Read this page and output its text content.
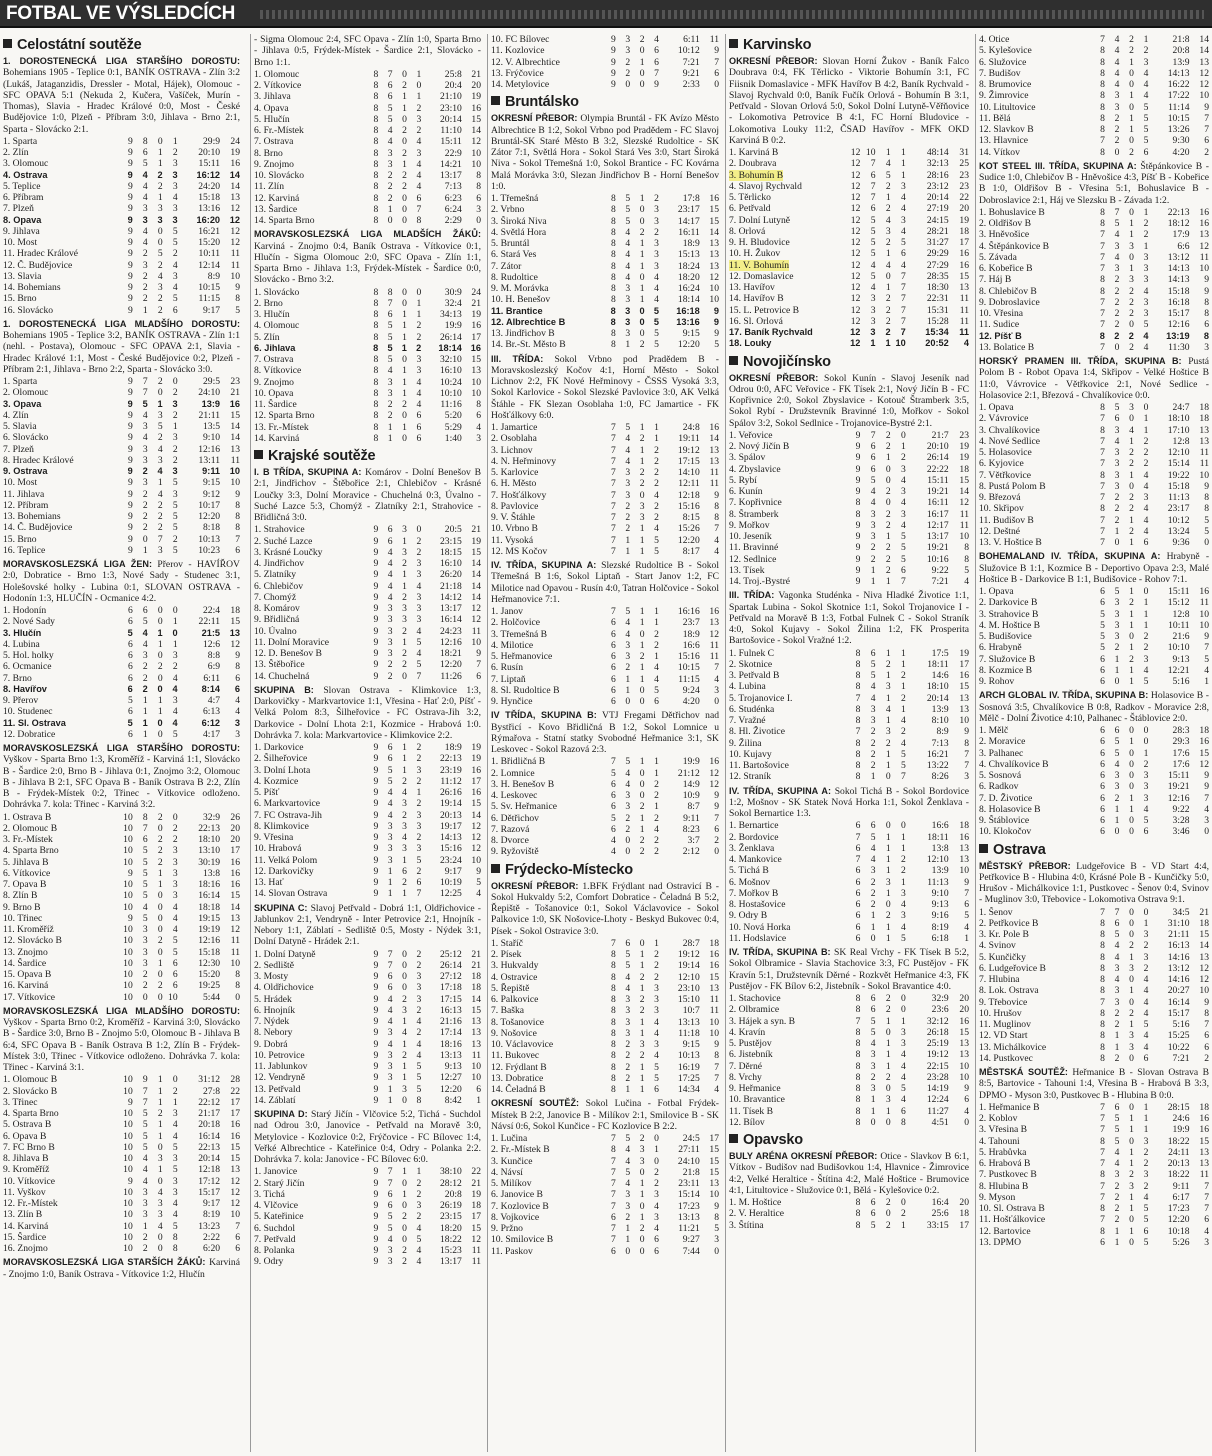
FOTBAL VE VÝSLEDCÍCH
Celostátní soutěže
1. DOROSTENECKÁ LIGA STARŠÍHO DOROSTU: Bohemians 1905 - Teplice 0:1, BANÍK OSTRAVA - Zlín 3:2 (Lukáš, Jataganzidis, Dressler - Motal, Hájek), Olomouc - SFC OPAVA 5:1 (Nekuda 2, Kučera, Vašíček, Murín - Thomas), Slavia - Hradec Králové 0:0, Most - České Budějovice 1:0, Plzeň - Příbram 3:0, Jihlava - Brno 2:1, Sparta - Slovácko 2:1.
1. Sparta	9	8	0	1	29:9	24
2. Zlín	9	6	1	2	20:10	19
3. Olomouc	9	5	1	3	15:11	16
4. Ostrava	9	4	2	3	16:12	14
5. Teplice	9	4	2	3	24:20	14
6. Příbram	9	4	1	4	15:18	13
7. Plzeň	9	3	3	3	13:16	12
8. Opava	9	3	3	3	16:20	12
9. Jihlava	9	4	0	5	16:21	12
10. Most	9	4	0	5	15:20	12
11. Hradec Králové	9	2	5	2	10:11	11
12. Č. Budějovice	9	3	2	4	12:14	11
13. Slavia	9	2	4	3	8:9	10
14. Bohemians	9	2	3	4	10:15	9
15. Brno	9	2	2	5	11:15	8
16. Slovácko	9	1	2	6	9:17	5
1. DOROSTENECKÁ LIGA MLADŠÍHO DOROSTU: Bohemians 1905 - Teplice 3:2, BANÍK OSTRAVA - Zlín 1:1 (nehl. - Postava), Olomouc - SFC OPAVA 2:1, Slavia - Hradec Králové 1:1, Most - České Budějovice 0:2, Plzeň - Příbram 2:1, Jihlava - Brno 2:2, Sparta - Slovácko 3:0.
1. Sparta	9	7	2	0	29:5	23
2. Olomouc	9	7	0	2	24:10	21
3. Opava	9	5	1	3	13:9	16
4. Zlín	9	4	3	2	21:11	15
5. Slavia	9	3	5	1	13:5	14
6. Slovácko	9	4	2	3	9:10	14
7. Plzeň	9	3	4	2	12:16	13
8. Hradec Králové	9	3	3	2	13:11	11
9. Ostrava	9	2	4	3	9:11	10
10. Most	9	3	1	5	9:15	10
11. Jihlava	9	2	4	3	9:12	9
12. Příbram	9	2	2	5	10:17	8
13. Bohemians	9	2	2	5	12:20	8
14. Č. Budějovice	9	2	2	5	8:18	8
15. Brno	9	0	7	2	10:13	7
16. Teplice	9	1	3	5	10:23	6
MORAVSKOSLEZSKÁ LIGA ŽEN: Přerov - HAVÍŘOV 2:0, Dobratice - Brno 1:3, Nové Sady - Studenec 3:1, Holešovské holky - Lubina 0:1, SLOVAN OSTRAVA - Hodonín 1:3, HLUČÍN - Ocmanice 4:2.
1. Hodonín	6	6	0	0	22:4	18
2. Nové Sady	6	5	0	1	22:11	15
3. Hlučín	5	4	1	0	21:5	13
4. Lubina	6	4	1	1	12:6	12
5. Hol. holky	6	3	0	3	8:8	9
6. Ocmanice	6	2	2	2	6:9	8
7. Brno	6	2	0	4	6:11	6
8. Havířov	6	2	0	4	8:14	6
9. Přerov	5	1	1	3	4:7	4
10. Studenec	6	1	1	4	6:13	4
11. Sl. Ostrava	5	1	0	4	6:12	3
12. Dobratice	6	1	0	5	4:17	3
MORAVSKOSLEZSKÁ LIGA STARŠÍHO DOROSTU: Vyškov - Sparta Brno 1:3, Kroměříž - Karviná 1:1, Slovácko B - Šardice 2:0, Brno B - Jihlava 0:1, Znojmo 3:2, Olomouc B - Jihlava B 2:1, SFC Opava B - Baník Ostrava B 2:2, Zlín B - Frýdek-Místek 0:2, Třinec - Vítkovice odloženo. Dohrávka 7. kola: Třinec - Karviná 3:2.
1. Ostrava B	10	8	2	0	32:9	26
2. Olomouc B	10	7	0	2	22:13	20
3. Fr.-Místek	10	6	2	2	18:10	20
4. Sparta Brno	10	5	2	3	13:10	17
5. Jihlava B	10	5	2	3	30:19	16
6. Vítkovice	9	5	1	3	13:8	16
7. Opava B	10	5	1	3	18:16	16
8. Zlín B	10	5	0	3	16:14	15
9. Brno B	10	4	0	4	18:18	14
10. Třinec	9	5	0	4	19:15	13
11. Kroměříž	10	3	0	4	19:19	12
12. Slovácko B	10	3	2	5	12:16	11
13. Znojmo	10	3	0	5	15:18	11
14. Šardice	10	3	1	6	12:30	10
15. Opava B	10	2	0	6	15:20	8
16. Karviná	10	2	2	6	19:25	8
17. Vítkovice	10	0	0	10	5:44	0
MORAVSKOSLEZSKÁ LIGA MLADŠÍHO DOROSTU: Vyškov - Sparta Brno 0:2, Kroměříž - Karviná 3:0, Slovácko B - Šardice 3:0, Brno B - Znojmo 5:0, Olomouc B - Jihlava B 6:4, SFC Opava B - Baník Ostrava B 1:2, Zlín B - Frýdek-Místek 3:0, Třinec - Vítkovice odloženo. Dohrávka 7. kola: Třinec - Karviná 3:1.
1. Olomouc B	10	9	1	0	31:12	28
2. Slovácko B	10	7	1	2	27:8	22
3. Třinec	9	7	1	1	22:12	17
4. Sparta Brno	10	5	2	3	21:17	17
5. Ostrava B	10	5	1	4	20:18	16
6. Opava B	10	5	1	4	16:14	16
7. FC Brno B	10	5	0	5	22:13	15
8. Jihlava B	10	4	3	3	20:14	15
9. Kroměříž	10	4	1	5	12:18	13
10. Vítkovice	9	4	0	3	17:12	12
11. Vyškov	10	3	4	3	15:17	12
12. Fr.-Místek	10	3	3	4	9:17	12
13. Zlín B	10	3	3	4	8:19	10
14. Karviná	10	1	4	5	13:23	7
15. Šardice	10	2	0	8	2:22	6
16. Znojmo	10	2	0	8	6:20	6
MORAVSKOSLEZSKÁ LIGA STARŠÍCH ŽÁKŮ: Karviná - Znojmo 1:0, Baník Ostrava - Vítkovice 1:2, Hlučín
- Sigma Olomouc 2:4, SFC Opava - Zlín 1:0, Sparta Brno - Jihlava 0:5, Frýdek-Místek - Šardice 2:1, Slovácko - Brno 1:1.
1. Olomouc	8	7	0	1	25:8	21
2. Vítkovice	8	6	2	0	20:4	20
3. Jihlava	8	6	1	1	21:10	19
4. Opava	8	5	1	2	23:10	16
5. Hlučín	8	5	0	3	20:14	15
6. Fr.-Místek	8	4	2	2	11:10	14
7. Ostrava	8	4	0	4	15:11	12
8. Brno	8	3	2	3	22:9	10
9. Znojmo	8	3	1	4	14:21	10
10. Slovácko	8	2	2	4	13:17	8
11. Zlín	8	2	2	4	7:13	8
12. Karviná	8	2	0	6	6:23	6
13. Šardice	8	1	0	7	6:24	3
14. Sparta Brno	8	0	0	8	2:29	0
MORAVSKOSLEZSKÁ LIGA MLADŠÍCH ŽÁKŮ: Karviná - Znojmo 0:4, Baník Ostrava - Vítkovice 0:1, Hlučín - Sigma Olomouc 2:0, SFC Opava - Zlín 1:1, Sparta Brno - Jihlava 1:3, Frýdek-Místek - Šardice 0:0, Slovácko - Brno 3:2.
1. Slovácko	8	8	0	0	30:9	24
2. Brno	8	7	0	1	32:4	21
3. Hlučín	8	6	1	1	34:13	19
4. Olomouc	8	5	1	2	19:9	16
5. Zlín	8	5	1	2	26:14	17
6. Jihlava	8	5	1	2	18:14	16
7. Ostrava	8	5	0	3	32:10	15
8. Vítkovice	8	4	1	3	16:10	13
9. Znojmo	8	3	1	4	10:24	10
10. Opava	8	3	1	4	10:10	10
11. Šardice	8	2	2	4	11:16	8
12. Sparta Brno	8	2	0	6	5:20	6
13. Fr.-Místek	8	1	1	6	5:29	4
14. Karviná	8	1	0	6	1:40	3
Krajské soutěže
I. B TŘÍDA, SKUPINA A: Komárov - Dolní Benešov B 2:1, Jindřichov - Štěbořice 2:1, Chlebičov - Krásné Loučky 3:3, Dolní Moravice - Chuchelná 0:3, Úvalno - Suché Lazce 5:3, Chomýž - Zlatníky 2:1, Strahovice - Břidličná 3:0.
1. Strahovice	9	6	3	0	20:5	21
2. Suché Lazce	9	6	1	2	23:15	19
3. Krásné Loučky	9	4	3	2	18:15	15
4. Jindřichov	9	4	2	3	16:10	14
5. Zlatníky	9	4	1	3	26:20	14
6. Chlebičov	9	4	1	4	21:18	14
7. Chomýž	9	4	2	3	14:12	14
8. Komárov	9	3	3	3	13:17	12
9. Břidličná	9	3	3	3	16:14	12
10. Úvalno	9	3	2	4	24:23	11
11. Dolní Moravice	9	3	1	5	12:16	10
12. D. Benešov B	9	3	2	4	18:21	9
13. Štěbořice	9	2	2	5	12:20	7
14. Chuchelná	9	2	0	7	11:26	6
SKUPINA B: Slovan Ostrava - Klimkovice 1:3, Darkovičky - Markvartovice 1:1, Vřesina - Hať 2:0, Píšť - Velká Polom 8:3, Šilheřovice - FC Ostrava-Jih 3:2, Darkovice - Dolní Lhota 2:1, Kozmice - Hrabová 1:0. Dohrávka 7. kola: Markvartovice - Klimkovice 2:2.
1. Darkovice	9	6	1	2	18:9	19
2. Šilheřovice	9	6	1	2	22:13	19
3. Dolní Lhota	9	5	1	3	23:19	16
4. Kozmice	9	5	2	2	11:12	17
5. Píšť	9	4	4	1	26:16	16
6. Markvartovice	9	4	3	2	19:14	15
7. FC Ostrava-Jih	9	4	2	3	20:13	14
8. Klimkovice	9	3	3	3	19:17	12
9. Vřesina	9	3	4	2	14:13	12
10. Hrabová	9	3	3	3	15:16	12
11. Velká Polom	9	3	1	5	23:24	10
12. Darkovičky	9	1	6	2	9:17	9
13. Hať	9	1	2	6	10:19	5
14. Slovan Ostrava	9	1	1	7	12:25	4
SKUPINA C: Slavoj Petřvald - Dobrá 1:1, Oldřichovice - Jablunkov 2:1, Vendryně - Inter Petrovice 2:1, Hnojník - Nebory 1:1, Záblatí - Sedliště 0:5, Mosty - Nýdek 3:1, Dolní Datyně - Hrádek 2:1.
1. Dolní Datyně	9	7	0	2	25:12	21
2. Sedliště	9	7	0	2	26:14	21
3. Mosty	9	6	0	3	27:12	18
4. Oldřichovice	9	6	0	3	17:18	18
5. Hrádek	9	4	2	3	17:15	14
6. Hnojník	9	4	3	2	16:13	15
7. Nýdek	9	4	1	4	21:16	13
8. Nebory	9	3	4	2	17:14	13
9. Dobrá	9	4	1	4	18:16	13
10. Petrovice	9	3	2	4	13:13	11
11. Jablunkov	9	3	1	5	9:13	10
12. Vendryně	9	3	1	5	12:27	10
13. Petřvald	9	1	3	5	12:20	6
14. Záblatí	9	1	0	8	8:42	1
SKUPINA D: Starý Jičín - Vlčovice 5:2, Tichá - Suchdol nad Odrou 3:0, Janovice - Petřvald na Moravě 3:0, Metylovice - Kozlovice 0:2, Frýčovice - FC Bílovec 1:4, Veřké Albrechtice - Kateřinice 0:4, Odry - Polanka 2:2. Dohrávka 7. kola: Janovice - FC Bílovec 6:0.
1. Janovice	9	7	1	1	38:10	22
2. Starý Jičín	9	7	0	2	28:12	21
3. Tichá	9	6	1	2	20:8	19
4. Vlčovice	9	6	0	3	26:19	18
5. Kateřinice	9	5	2	2	23:15	17
6. Suchdol	9	5	0	4	18:20	15
7. Petřvald	9	4	0	5	18:22	12
8. Polanka	9	3	2	4	15:23	11
9. Odry	9	3	2	4	13:17	11
10. FC Bílovec	9	3	2	4	6:11	11
11. Kozlovice	9	3	0	6	10:12	9
12. V. Albrechtice	9	2	1	6	7:21	7
13. Frýčovice	9	2	0	7	9:21	6
14. Metylovice	9	0	0	9	2:33	0
Bruntálsko
OKRESNÍ PŘEBOR: Olympia Bruntál - FK Avízo Město Albrechtice B 1:2, Sokol Vrbno pod Pradědem - FC Slavoj Bruntál-SK Staré Město B 3:2, Slezské Rudoltice - SK Zátor 7:1, Světlá Hora - Sokol Stará Ves 3:0, Start Široká Niva - Sokol Třemešná 1:0, Sokol Brantice - FC Kovárna Malá Morávka 3:0, Slezan Jindřichov B - Horní Benešov 1:0.
1. Třemešná	8	5	1	2	17:8	16
2. Vrbno	8	5	0	3	23:17	15
3. Široká Niva	8	5	0	3	14:17	15
4. Světlá Hora	8	4	2	2	16:11	14
5. Bruntál	8	4	1	3	18:9	13
6. Stará Ves	8	4	1	3	15:13	13
7. Zátor	8	4	1	3	18:24	13
8. Rudoltice	8	4	0	4	18:20	12
9. M. Morávka	8	3	1	4	16:24	10
10. H. Benešov	8	3	1	4	18:14	10
11. Brantice	8	3	0	5	16:18	9
12. Albrechtice B	8	3	0	5	13:16	9
13. Jindřichov B	8	3	0	5	9:15	9
14. Br.-St. Město B	8	1	2	5	12:20	5
III. TŘÍDA: Sokol Vrbno pod Pradědem B - Moravskoslezský Kočov 4:1, Horní Město - Sokol Lichnov 2:2, FK Nové Heřminovy - ČSSS Vysoká 3:3, Sokol Karlovice - Sokol Slezské Pavlovice 3:0, AK Velká Štáhle - FK Slezan Osoblaha 1:0, FC Jamartice - FK Hošťálkovy 6:0.
1. Jamartice	7	5	1	1	24:8	16
2. Osoblaha	7	4	2	1	19:11	14
3. Lichnov	7	4	1	2	19:12	13
4. N. Heřminovy	7	4	1	2	17:15	13
5. Karlovice	7	3	2	2	14:10	11
6. H. Město	7	3	2	2	12:11	11
7. Hošťálkovy	7	3	0	4	12:18	9
8. Pavlovice	7	2	3	2	15:16	8
9. V. Štáhle	7	2	3	2	8:15	8
10. Vrbno B	7	2	1	4	15:26	7
11. Vysoká	7	1	1	5	12:20	4
12. MS Kočov	7	1	1	5	8:17	4
IV. TŘÍDA, SKUPINA A: Slezské Rudoltice B - Sokol Třemešná B 1:6, Sokol Liptaň - Start Janov 1:2, FC Milotice nad Opavou - Rusín 4:0, Tatran Holčovice - Sokol Heřmanovice 7:1.
1. Janov	7	5	1	1	16:16	16
2. Holčovice	6	4	1	1	23:7	13
3. Třemešná B	6	4	0	2	18:9	12
4. Milotice	6	3	1	2	16:6	11
5. Heřmanovice	6	3	2	1	15:16	11
6. Rusín	6	2	1	4	10:15	7
7. Liptaň	6	1	1	4	11:15	4
8. Sl. Rudoltice B	6	1	0	5	9:24	3
9. Hynčice	6	0	0	6	4:20	0
IV TŘÍDA, SKUPINA B: VTJ Fregami Dětřichov nad Bystřicí - Kovo Břidličná B 1:2, Sokol Lomnice u Rýmařova - Statní statky Svobodné Heřmanice 3:1, SK Leskovec - Sokol Razová 2:3.
1. Břidličná B	7	5	1	1	19:9	16
2. Lomnice	5	4	0	1	21:12	12
3. H. Benešov B	6	4	0	2	14:9	12
4. Leskovec	6	3	0	2	10:9	9
5. Sv. Heřmanice	6	3	2	1	8:7	9
6. Dětřichov	5	2	1	2	9:11	7
7. Razová	6	2	1	4	8:23	6
8. Dvorce	4	0	2	2	3:7	2
9. Ryžoviště	4	0	2	2	2:12	0
Frýdecko-Místecko
OKRESNÍ PŘEBOR: 1.BFK Frýdlant nad Ostravicí B - Sokol Hukvaldy 5:2, Comfort Dobratice - Čeladná B 5:2, Řepiště - Tošanovice 0:1, Sokol Václavovice - Sokol Palkovice 1:0, SK Nošovice-Lhoty - Beskyd Bukovec 0:4, Písek - Sokol Ostravice 3:0.
1. Staříč	7	6	0	1	28:7	18
2. Písek	8	5	1	2	19:12	16
3. Hukvaldy	8	5	1	2	19:14	16
4. Ostravice	8	4	2	2	12:10	15
5. Řepiště	8	4	1	3	23:10	13
6. Palkovice	8	3	2	3	15:10	11
7. Baška	8	3	2	3	10:7	11
8. Tošanovice	8	3	1	4	13:13	10
9. Nošovice	8	3	1	4	11:18	10
10. Václavovice	8	2	3	3	9:15	9
11. Bukovec	8	2	2	4	10:13	8
12. Frýdlant B	8	2	1	5	16:19	7
13. Dobratice	8	2	1	5	17:25	7
14. Čeladná B	8	1	1	6	14:34	4
OKRESNÍ SOUTĚŽ: Sokol Lučina - Fotbal Frýdek-Místek B 2:2, Janovice B - Milíkov 2:1, Smilovice B - SK Návsí 0:6, Sokol Kunčice - FC Kozlovice B 2:2.
1. Lučina	7	5	2	0	24:5	17
2. Fr.-Místek B	8	4	3	1	27:11	15
3. Kunčice	7	4	3	0	24:10	15
4. Návsí	7	5	0	2	21:8	15
5. Milíkov	7	4	1	2	23:11	13
6. Janovice B	7	3	1	3	15:14	10
7. Kozlovice B	7	3	0	4	17:23	9
8. Vojkovice	6	2	1	3	13:13	8
9. Pržno	7	1	2	4	11:21	5
10. Smilovice B	7	1	0	6	9:27	3
11. Paskov	6	0	0	6	7:44	0
Karvinsko
OKRESNÍ PŘEBOR: Slovan Horní Žukov - Baník Falco Doubrava 0:4, FK Těrlicko - Viktorie Bohumín 3:1, FC Fiisnik Domaslavice - MFK Havířov B 4:2, Baník Rychvald - Slavoj Rychvald 0:0, Baník Fučík Orlová - Bohumín B 3:1, Petřvald - Slovan Orlová 5:0, Sokol Dolní Lutyně-Věřňovice - Lokomotiva Petrovice B 4:1, FC Horní Bludovice - Lokomotiva Louky 11:2, ČSAD Havířov - MFK OKD Karviná B 0:2.
1. Karviná B	12	10	1	1	48:14	31
2. Doubrava	12	7	4	1	32:13	25
3. Bohumín B	12	6	5	1	28:16	23
4. Slavoj Rychvald	12	7	2	3	23:12	23
5. Těrlicko	12	7	1	4	20:14	22
6. Petřvald	12	6	2	4	27:19	20
7. Dolní Lutyně	12	5	4	3	24:15	19
8. Orlová	12	5	3	4	28:21	18
9. H. Bludovice	12	5	2	5	31:27	17
10. H. Žukov	12	5	1	6	29:29	16
11. V. Bohumín	12	4	4	4	27:29	16
12. Domaslavice	12	5	0	7	28:35	15
13. Havířov	12	4	1	7	18:30	13
14. Havířov B	12	3	2	7	22:31	11
15. L. Petrovice B	12	3	2	7	15:31	11
16. Sl. Orlová	12	3	2	7	15:28	11
17. Baník Rychvald	12	3	2	7	15:34	11
18. Louky	12	1	1	10	20:52	4
Novojičínsko
OKRESNÍ PŘEBOR: Sokol Kunín - Slavoj Jeseník nad Odrou 0:0, AFC Veřovice - FK Tísek 2:1, Nový Jičín B - FC Kopřivnice 2:0, Sokol Zbyslavice - Kotouč Štramberk 3:5, Sokol Rybí - Družstevník Bravinné 1:0, Mořkov - Sokol Spálov 3:2, Sokol Sedlnice - Trojanovice-Bystré 2:1.
1. Veřovice	9	7	2	0	21:7	23
2. Nový Jičín B	9	6	2	1	20:10	19
3. Spálov	9	6	1	2	26:14	19
4. Zbyslavice	9	6	0	3	22:22	18
5. Rybí	9	5	0	4	15:11	15
6. Kunín	9	4	2	3	19:21	14
7. Kopřivnice	8	4	0	4	16:11	12
8. Štramberk	8	3	2	3	16:17	11
9. Mořkov	9	3	2	4	12:17	11
10. Jeseník	9	3	1	5	13:17	10
11. Bravinné	9	2	2	5	19:21	8
12. Sedlnice	9	2	2	5	10:16	8
13. Tísek	9	1	2	6	9:22	5
14. Troj.-Bystré	9	1	1	7	7:21	4
III. TŘÍDA: Vagonka Studénka - Niva Hladké Životice 1:1, Spartak Lubina - Sokol Skotnice 1:1, Sokol Trojanovice I - Petřvald na Moravě B 1:3, Fotbal Fulnek C - Sokol Straník 4:0, Sokol Kujavy - Sokol Žilina 1:2, FK Prosperita Bartošovice - Sokol Vražné 1:2.
1. Fulnek C	8	6	1	1	17:5	19
2. Skotnice	8	5	2	1	18:11	17
3. Petřvald B	8	5	1	2	14:6	16
4. Lubina	8	4	3	1	18:10	15
5. Trojanovice I.	7	4	1	2	20:14	13
6. Studénka	8	3	4	1	13:9	13
7. Vražné	8	3	1	4	8:10	10
8. Hl. Životice	7	2	3	2	8:9	9
9. Žilina	8	2	2	4	7:13	8
10. Kujavy	8	2	1	5	16:21	7
11. Bartošovice	8	2	1	5	13:22	7
12. Straník	8	1	0	7	8:26	3
IV. TŘÍDA, SKUPINA A: Sokol Tichá B - Sokol Bordovice 1:2, Mošnov - SK Statek Nová Horka 1:1, Sokol Ženklava - Sokol Bernartice 1:3.
1. Bernartice	6	6	0	0	16:6	18
2. Bordovice	7	5	1	1	18:11	16
3. Ženklava	6	4	1	1	13:8	13
4. Mankovice	7	4	1	2	12:10	13
5. Tichá B	6	3	1	2	13:9	10
6. Mošnov	6	2	3	1	11:13	9
7. Mořkov B	6	2	1	3	9:10	7
8. Hostašovice	6	2	0	4	9:13	6
9. Odry B	6	1	2	3	9:16	5
10. Nová Horka	6	1	1	4	8:19	4
11. Hodslavice	6	0	1	5	6:18	1
IV. TŘÍDA, SKUPINA B: SK Real Vrchy - FK Tísek B 5:2, Sokol Olbramice - Slavia Stachovice 3:3, FC Pustějov - FK Kravín 5:1, Družstevník Děrné - Rozkvět Heřmanice 4:3, FK Pustějov - FK Bílov 6:2, Jistebník - Sokol Bravantice 4:0.
1. Stachovice	8	6	2	0	32:9	20
2. Olbramice	8	6	2	0	23:6	20
3. Hájek a syn. B	7	5	1	1	32:12	16
4. Kravín	8	5	0	3	26:18	15
5. Pustějov	8	4	1	3	25:19	13
6. Jistebník	8	3	1	4	19:12	13
7. Děrné	8	3	1	4	22:15	10
8. Vrchy	8	2	2	4	23:28	10
9. Heřmanice	8	3	0	5	14:19	9
10. Bravantice	8	1	3	4	12:24	6
11. Tísek B	8	1	1	6	11:27	4
12. Bílov	8	0	0	8	4:51	0
Opavsko
BULY ARÉNA OKRESNÍ PŘEBOR: Otice - Slavkov B 6:1, Vítkov - Budišov nad Budišovkou 1:4, Hlavnice - Žimrovice 4:2, Velké Heraltice - Štítina 4:2, Malé Hoštice - Brumovice 4:1, Litultovice - Služovice 0:1, Bělá - Kylešovice 0:2.
1. M. Hoštice	8	6	2	0	16:4	20
2. V. Heraltice	8	6	0	2	25:6	18
3. Štítina	8	5	2	1	33:15	17
4. Otice	7	4	2	1	21:8	14
5. Kylešovice	8	4	2	2	20:8	14
6. Služovice	8	4	1	3	13:9	13
7. Budišov	8	4	0	4	14:13	12
8. Brumovice	8	4	0	4	16:22	12
9. Žimrovice	8	3	1	4	17:22	10
10. Litultovice	8	3	0	5	11:14	9
11. Bělá	8	2	1	5	10:15	7
12. Slavkov B	8	2	1	5	13:26	7
13. Hlavnice	7	2	0	5	9:30	6
14. Vítkov	8	0	2	6	4:20	2
KOT STEEL III. TŘÍDA, SKUPINA A: Štěpánkovice B - Sudice 1:0, Chlebičov B - Hněvošice 4:3, Píšť B - Kobeřice B 1:0, Oldřišov B - Vřesina 5:1, Bohuslavice B - Dobroslavice 2:1, Háj ve Slezsku B - Závada 1:2.
1. Bohuslavice B	8	7	0	1	22:13	16
2. Oldřišov B	8	5	1	2	18:12	16
3. Hněvošice	7	4	1	2	17:9	13
4. Štěpánkovice B	7	3	3	1	6:6	12
5. Závada	7	4	0	3	13:12	11
6. Kobeřice B	7	3	1	3	14:13	10
7. Háj B	8	2	3	3	14:13	9
8. Chlebičov B	8	2	2	4	15:18	9
9. Dobroslavice	7	2	2	3	16:18	8
10. Vřesina	7	2	2	3	15:17	8
11. Sudice	7	2	0	5	12:16	6
12. Píšť B	8	2	2	4	13:19	8
13. Bolatice B	7	0	2	4	11:30	3
HORSKÝ PRAMEN III. TŘÍDA, SKUPINA B: Pustá Polom B - Robot Opava 1:4, Skřipov - Velké Hoštice B 11:0, Vávrovice - Větřkovice 2:1, Nové Sedlice - Holasovice 2:1, Březová - Chvalíkovice 0:0.
1. Opava	8	5	3	0	24:7	18
2. Vávrovice	7	6	0	1	18:10	18
3. Chvalíkovice	8	3	4	1	17:10	13
4. Nové Sedlice	7	4	1	2	12:8	13
5. Holasovice	7	3	2	2	12:10	11
6. Kyjovice	7	3	2	2	15:14	11
7. Větřkovice	8	3	1	4	19:22	10
8. Pustá Polom B	7	3	0	4	15:18	9
9. Březová	7	2	2	3	11:13	8
10. Skřipov	8	2	2	4	23:17	8
11. Budišov B	7	2	1	4	10:12	5
12. Deštné	7	1	2	4	13:24	5
13. V. Hoštice B	7	0	1	6	9:36	0
BOHEMALAND IV. TŘÍDA, SKUPINA A: Hrabyně - Služovice B 1:1, Kozmice B - Deportivo Opava 2:3, Malé Hoštice B - Darkovice B 1:1, Budišovice - Rohov 7:1.
1. Opava	6	5	1	0	15:11	16
2. Darkovice B	6	3	2	1	15:12	11
3. Strahovice B	5	3	1	1	12:8	10
4. M. Hoštice B	5	3	1	1	10:11	10
5. Budišovice	5	3	0	2	21:6	9
6. Hrabyně	5	2	1	2	10:10	7
7. Služovice B	6	1	2	3	9:13	5
8. Kozmice B	6	1	1	4	12:21	4
9. Rohov	6	0	1	5	5:16	1
ARCH GLOBAL IV. TŘÍDA, SKUPINA B: Holasovice B - Sosnová 3:5, Chvalíkovice B 0:8, Radkov - Moravice 2:8, Mělč - Dolní Životice 4:10, Palhanec - Štáblovice 2:0.
1. Mělč	6	6	0	0	28:3	18
2. Moravice	6	5	1	0	29:3	16
3. Palhanec	6	5	0	1	17:6	15
4. Chvalíkovice B	6	4	0	2	17:6	12
5. Sosnová	6	3	0	3	15:11	9
6. Radkov	6	3	0	3	19:21	9
7. D. Životice	6	2	1	3	12:16	7
8. Holasovice B	6	1	1	4	9:22	4
9. Štáblovice	6	1	0	5	3:28	3
10. Klokočov	6	0	0	6	3:46	0
Ostrava
MĚSTSKÝ PŘEBOR: Ludgeřovice B - VD Start 4:4, Petřkovice B - Hlubina 4:0, Krásné Pole B - Kunčičky 5:0, Hrušov - Michálkovice 1:1, Pustkovec - Šenov 0:4, Svinov - Muglinov 3:0, Třebovice - Lokomotiva Ostrava 9:1.
1. Šenov	7	7	0	0	34:5	21
2. Petřkovice B	8	6	0	1	31:10	18
3. Kr. Pole B	8	5	0	3	21:11	15
4. Svinov	8	4	2	2	16:13	14
5. Kunčičky	8	4	1	3	14:16	13
6. Ludgeřovice B	8	3	3	2	13:12	12
7. Hlubina	8	4	0	4	14:16	12
8. Lok. Ostrava	8	3	1	4	20:27	10
9. Třebovice	7	3	0	4	16:14	9
10. Hrušov	8	2	2	4	15:17	8
11. Muglinov	8	2	1	5	5:16	7
12. VD Start	8	1	3	4	15:25	6
13. Michálkovice	8	1	3	4	10:22	6
14. Pustkovec	8	2	0	6	7:21	2
MĚSTSKÁ SOUTĚŽ: Heřmanice B - Slovan Ostrava B 8:5, Bartovice - Tahouni 1:4, Vřesina B - Hrabová B 3:3, DPMO - Myson 3:0, Pustkovec B - Hlubina B 0:0.
1. Heřmanice B	7	6	0	1	28:15	18
2. Koblov	7	5	1	1	24:6	16
3. Vřesina B	7	5	1	1	19:9	16
4. Tahouni	8	5	0	3	18:22	15
5. Hrabůvka	7	4	1	2	24:11	13
6. Hrabová B	7	4	1	2	20:13	13
7. Pustkovec B	8	3	2	3	18:22	11
8. Hlubina B	7	2	3	2	9:11	7
9. Myson	7	2	1	4	6:17	7
10. Sl. Ostrava B	8	2	1	5	17:23	7
11. Hošťálkovice	7	2	0	5	12:20	6
12. Bartovice	8	1	1	6	10:18	4
13. DPMO	6	1	0	5	5:26	3
